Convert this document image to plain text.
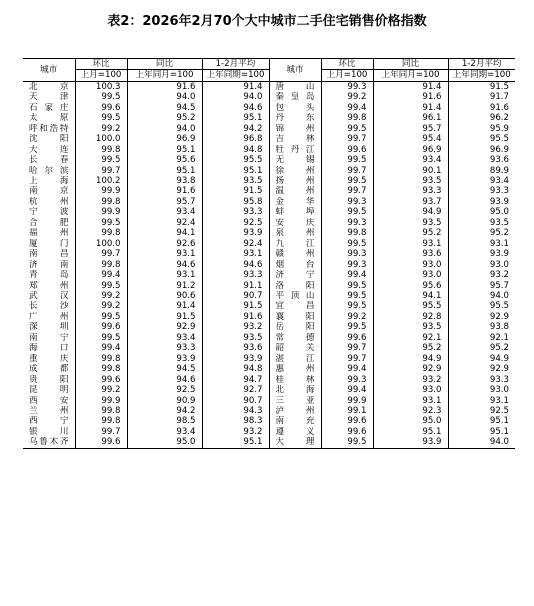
表2：2026年2月70个大中城市二手住宅销售价格指数
城市	环比	同比	1-2月平均	城市	环比	同比	1-2月平均
	上月=100	上年同月=100	上年同期=100		上月=100	上年同月=100	上年同期=100
北京	100.3	91.6	91.4	唐山	99.3	91.4	91.5
天津	99.5	94.0	94.0	秦皇岛	99.2	91.6	91.7
石家庄	99.6	94.5	94.6	包头	99.4	91.4	91.6
太原	99.5	95.2	95.1	丹东	99.8	96.1	96.2
呼和浩特	99.2	94.0	94.2	锦州	99.5	95.7	95.9
沈阳	100.0	96.9	96.8	吉林	99.7	95.4	95.5
大连	99.8	95.1	94.8	牡丹江	99.6	96.9	96.9
长春	99.5	95.6	95.5	无锡	99.5	93.4	93.6
哈尔滨	99.7	95.1	95.1	徐州	99.7	90.1	89.9
上海	100.2	93.8	93.5	扬州	99.5	93.5	93.4
南京	99.9	91.6	91.5	温州	99.7	93.3	93.3
杭州	99.8	95.7	95.8	金华	99.3	93.7	93.9
宁波	99.9	93.4	93.3	蚌埠	99.5	94.9	95.0
合肥	99.5	92.4	92.5	安庆	99.3	93.5	93.5
福州	99.8	94.1	93.9	泉州	99.8	95.2	95.2
厦门	100.0	92.6	92.4	九江	99.5	93.1	93.1
南昌	99.7	93.1	93.1	赣州	99.3	93.6	93.9
济南	99.8	94.6	94.6	烟台	99.3	93.0	93.0
青岛	99.4	93.1	93.3	济宁	99.4	93.0	93.2
郑州	99.5	91.2	91.1	洛阳	99.5	95.6	95.7
武汉	99.2	90.6	90.7	平顶山	99.5	94.1	94.0
长沙	99.2	91.4	91.5	宜昌	99.5	95.5	95.5
广州	99.5	91.5	91.6	襄阳	99.2	92.8	92.9
深圳	99.6	92.9	93.2	岳阳	99.5	93.5	93.8
南宁	99.5	93.4	93.5	常德	99.6	92.1	92.1
海口	99.4	93.3	93.6	韶关	99.7	95.2	95.2
重庆	99.8	93.9	93.9	湛江	99.7	94.9	94.9
成都	99.8	94.5	94.8	惠州	99.4	92.9	92.9
贵阳	99.6	94.6	94.7	桂林	99.3	93.2	93.3
昆明	99.2	92.5	92.7	北海	99.4	93.0	93.0
西安	99.9	90.9	90.7	三亚	99.9	93.1	93.1
兰州	99.8	94.2	94.3	泸州	99.1	92.3	92.5
西宁	99.8	98.5	98.3	南充	99.6	95.0	95.1
银川	99.7	93.4	93.2	遵义	99.6	95.1	95.1
乌鲁木齐	99.6	95.0	95.1	大理	99.5	93.9	94.0
